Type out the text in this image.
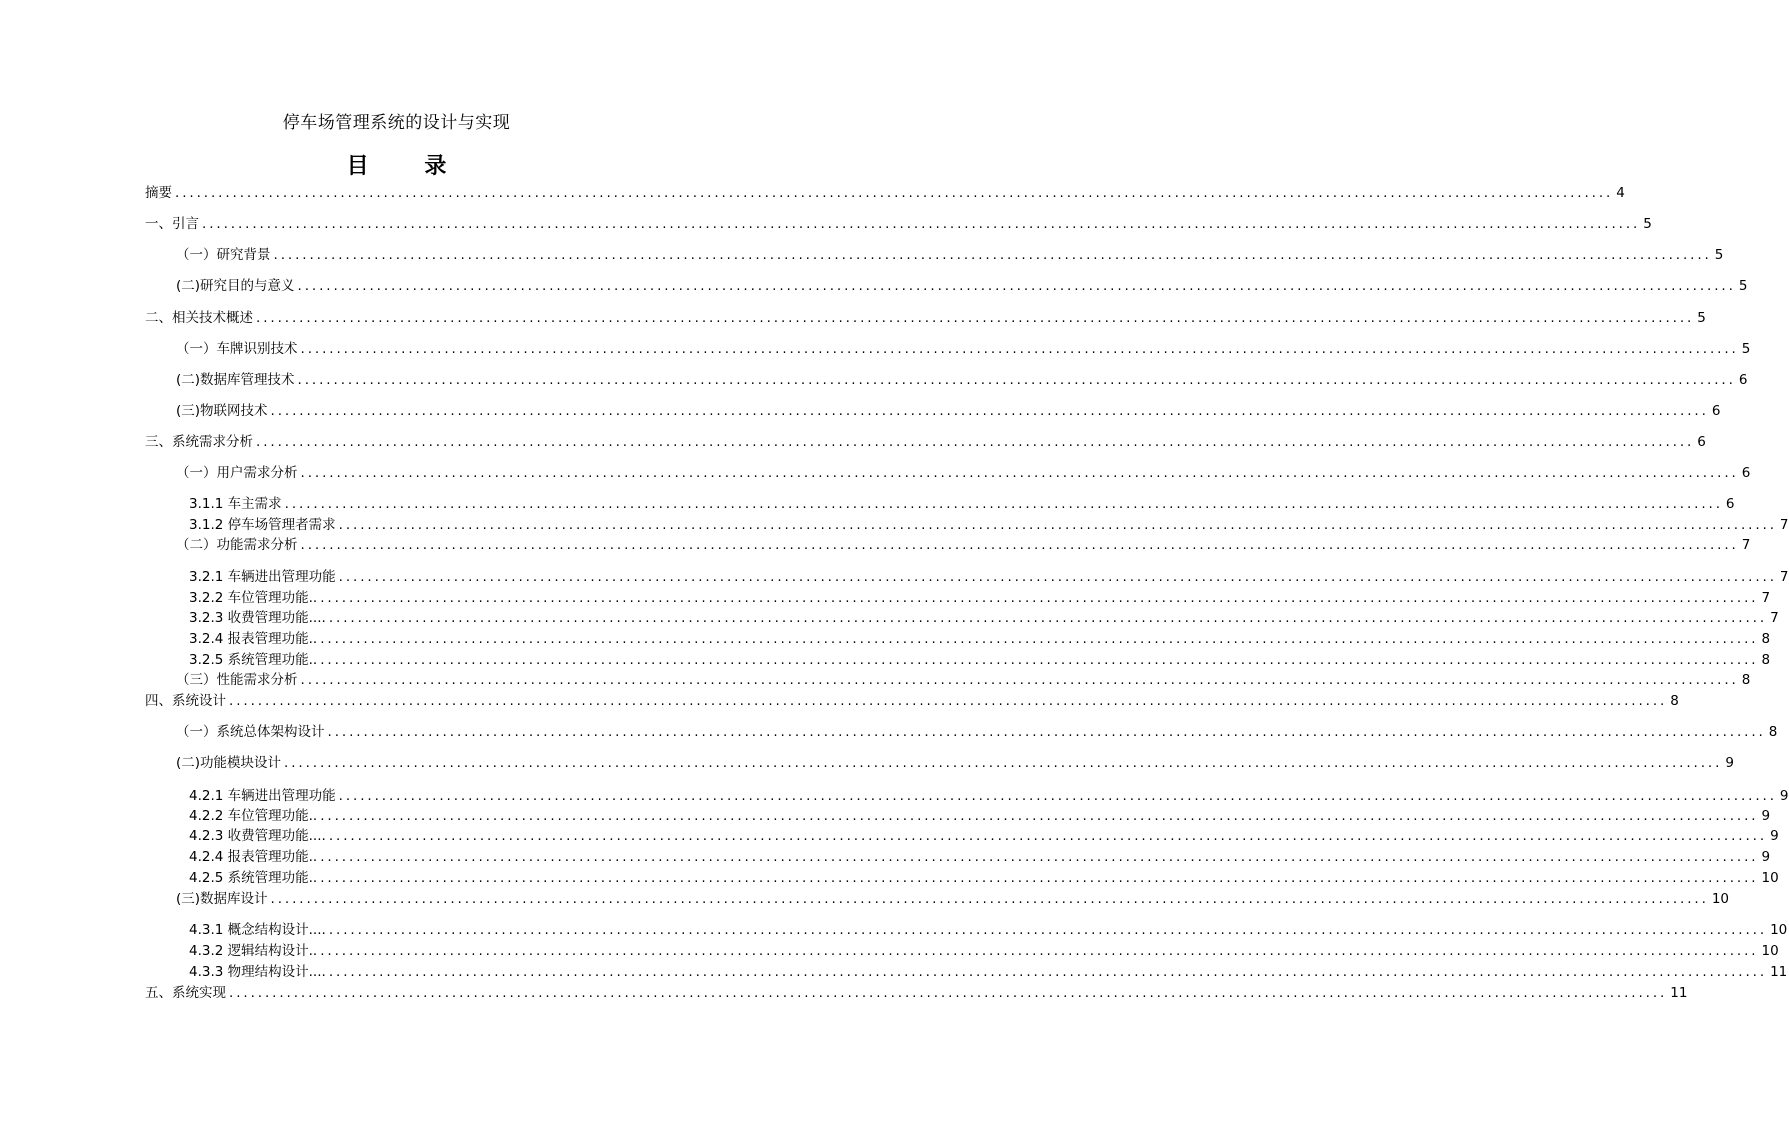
停车场管理系统的设计与实现
目 录
摘要 ........................................................................................................................................................................................................ 4
一、引言 ........................................................................................................................................................................................................ 5
（一）研究背景 ........................................................................................................................................................................................................ 5
(二)研究目的与意义 ........................................................................................................................................................................................................ 5
二、相关技术概述 ........................................................................................................................................................................................................ 5
（一）车牌识别技术 ........................................................................................................................................................................................................ 5
(二)数据库管理技术 ........................................................................................................................................................................................................ 6
(三)物联网技术 ........................................................................................................................................................................................................ 6
三、系统需求分析 ........................................................................................................................................................................................................ 6
（一）用户需求分析 ........................................................................................................................................................................................................ 6
3.1.1 车主需求 ........................................................................................................................................................................................................ 6
3.1.2 停车场管理者需求 ........................................................................................................................................................................................................ 7
（二）功能需求分析 ........................................................................................................................................................................................................ 7
3.2.1 车辆进出管理功能 ........................................................................................................................................................................................................ 7
3.2.2 车位管理功能.. ........................................................................................................................................................................................................ 7
3.2.3 收费管理功能.... ........................................................................................................................................................................................................ 7
3.2.4 报表管理功能.. ........................................................................................................................................................................................................ 8
3.2.5 系统管理功能.. ........................................................................................................................................................................................................ 8
（三）性能需求分析 ........................................................................................................................................................................................................ 8
四、系统设计 ........................................................................................................................................................................................................ 8
（一）系统总体架构设计 ........................................................................................................................................................................................................ 8
(二)功能模块设计 ........................................................................................................................................................................................................ 9
4.2.1 车辆进出管理功能 ........................................................................................................................................................................................................ 9
4.2.2 车位管理功能.. ........................................................................................................................................................................................................ 9
4.2.3 收费管理功能.... ........................................................................................................................................................................................................ 9
4.2.4 报表管理功能.. ........................................................................................................................................................................................................ 9
4.2.5 系统管理功能.. ........................................................................................................................................................................................................ 10
(三)数据库设计 ........................................................................................................................................................................................................ 10
4.3.1 概念结构设计.... ........................................................................................................................................................................................................ 10
4.3.2 逻辑结构设计.. ........................................................................................................................................................................................................ 10
4.3.3 物理结构设计.... ........................................................................................................................................................................................................ 11
五、系统实现 ........................................................................................................................................................................................................ 11
